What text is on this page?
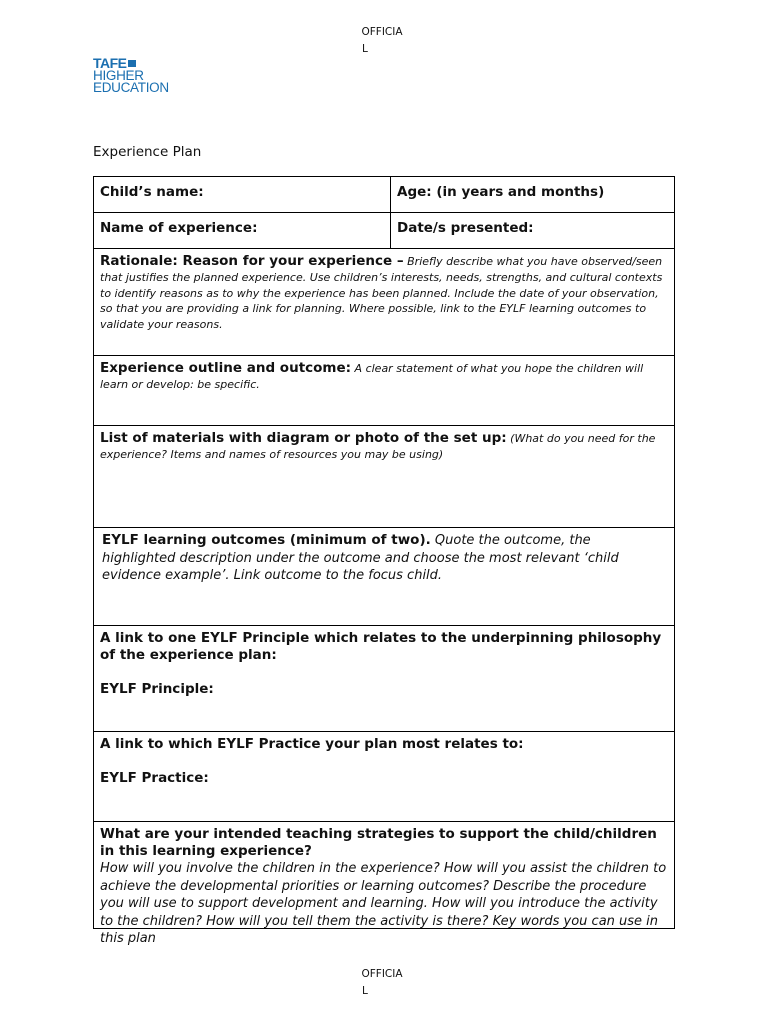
OFFICIA
L
TAFE
HIGHER
EDUCATION
Experience Plan
Child’s name:	Age: (in years and months)
Name of experience:	Date/s presented:
Rationale: Reason for your experience – Briefly describe what you have observed/seen that justifies the planned experience. Use children’s interests, needs, strengths, and cultural contexts to identify reasons as to why the experience has been planned. Include the date of your observation, so that you are providing a link for planning. Where possible, link to the EYLF learning outcomes to validate your reasons.
Experience outline and outcome: A clear statement of what you hope the children will learn or develop: be specific.
List of materials with diagram or photo of the set up: (What do you need for the experience? Items and names of resources you may be using)
EYLF learning outcomes (minimum of two). Quote the outcome, the highlighted description under the outcome and choose the most relevant ‘child evidence example’. Link outcome to the focus child.
A link to one EYLF Principle which relates to the underpinning philosophy of the experience plan:
EYLF Principle:
A link to which EYLF Practice your plan most relates to:
EYLF Practice:
What are your intended teaching strategies to support the child/children in this learning experience?
How will you involve the children in the experience? How will you assist the children to achieve the developmental priorities or learning outcomes? Describe the procedure you will use to support development and learning. How will you introduce the activity to the children? How will you tell them the activity is there? Key words you can use in this plan
OFFICIA
L
